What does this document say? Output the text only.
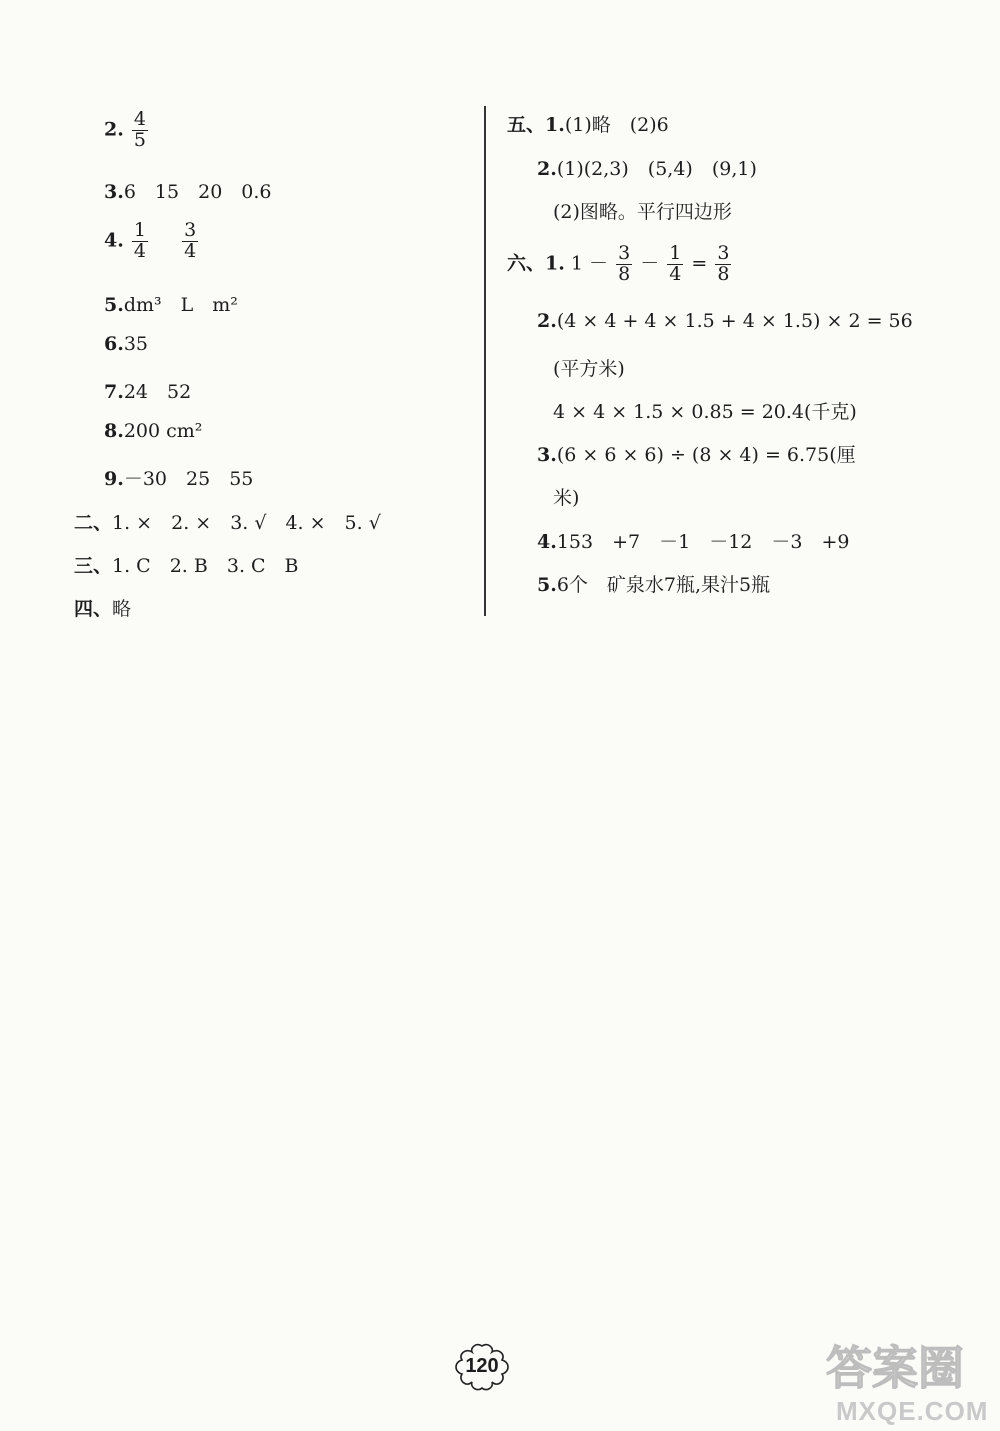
2. $\frac{4}{5}$
3.6　15　20　0.6
4. $\frac{1}{4}$
$\frac{3}{4}$
5.dm³　L　m²
6.35
7.24　52
8.200 cm²
9.－30　25　55
二、1. ×　2. ×　3. √　4. ×　5. √
三、1. C　2. B　3. C　B
四、略
五、1.(1)略　(2)6
2.(1)(2,3)　(5,4)　(9,1)
(2)图略。平行四边形
六、1. $1 - \frac{3}{8} - \frac{1}{4} = \frac{3}{8}$
2.(4 × 4 + 4 × 1.5 + 4 × 1.5) × 2 = 56
(平方米)
4 × 4 × 1.5 × 0.85 = 20.4(千克)
3.(6 × 6 × 6) ÷ (8 × 4) = 6.75(厘
米)
4.153　+7　－1　－12　－3　+9
5.6个　矿泉水7瓶,果汁5瓶
120	答案圈
MXQE.COM
